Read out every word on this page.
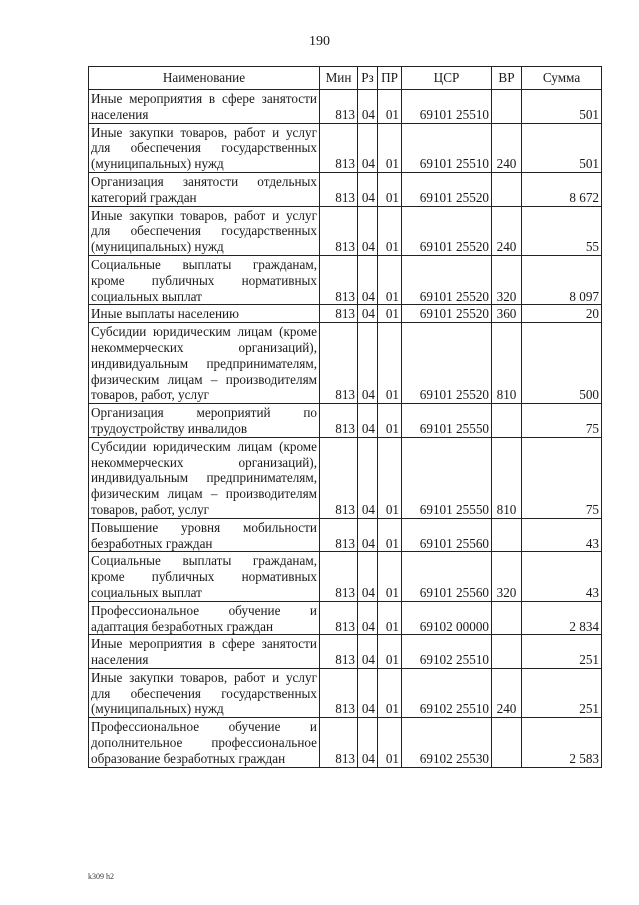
190
Наименование	Мин	Рз	ПР	ЦСР	ВР	Сумма
Иные мероприятия в сфере занятости населения	813	04	01	69101 25510		501
Иные закупки товаров, работ и услуг для обеспечения государственных (муниципальных) нужд	813	04	01	69101 25510	240	501
Организация занятости отдельных категорий граждан	813	04	01	69101 25520		8 672
Иные закупки товаров, работ и услуг для обеспечения государственных (муниципальных) нужд	813	04	01	69101 25520	240	55
Социальные выплаты гражданам, кроме публичных нормативных социальных выплат	813	04	01	69101 25520	320	8 097
Иные выплаты населению	813	04	01	69101 25520	360	20
Субсидии юридическим лицам (кроме некоммерческих организаций), индивидуальным предпринимателям, физическим лицам – производителям товаров, работ, услуг	813	04	01	69101 25520	810	500
Организация мероприятий по трудоустройству инвалидов	813	04	01	69101 25550		75
Субсидии юридическим лицам (кроме некоммерческих организаций), индивидуальным предпринимателям, физическим лицам – производителям товаров, работ, услуг	813	04	01	69101 25550	810	75
Повышение уровня мобильности безработных граждан	813	04	01	69101 25560		43
Социальные выплаты гражданам, кроме публичных нормативных социальных выплат	813	04	01	69101 25560	320	43
Профессиональное обучение и адаптация безработных граждан	813	04	01	69102 00000		2 834
Иные мероприятия в сфере занятости населения	813	04	01	69102 25510		251
Иные закупки товаров, работ и услуг для обеспечения государственных (муниципальных) нужд	813	04	01	69102 25510	240	251
Профессиональное обучение и дополнительное профессиональное образование безработных граждан	813	04	01	69102 25530		2 583
k309 h2
